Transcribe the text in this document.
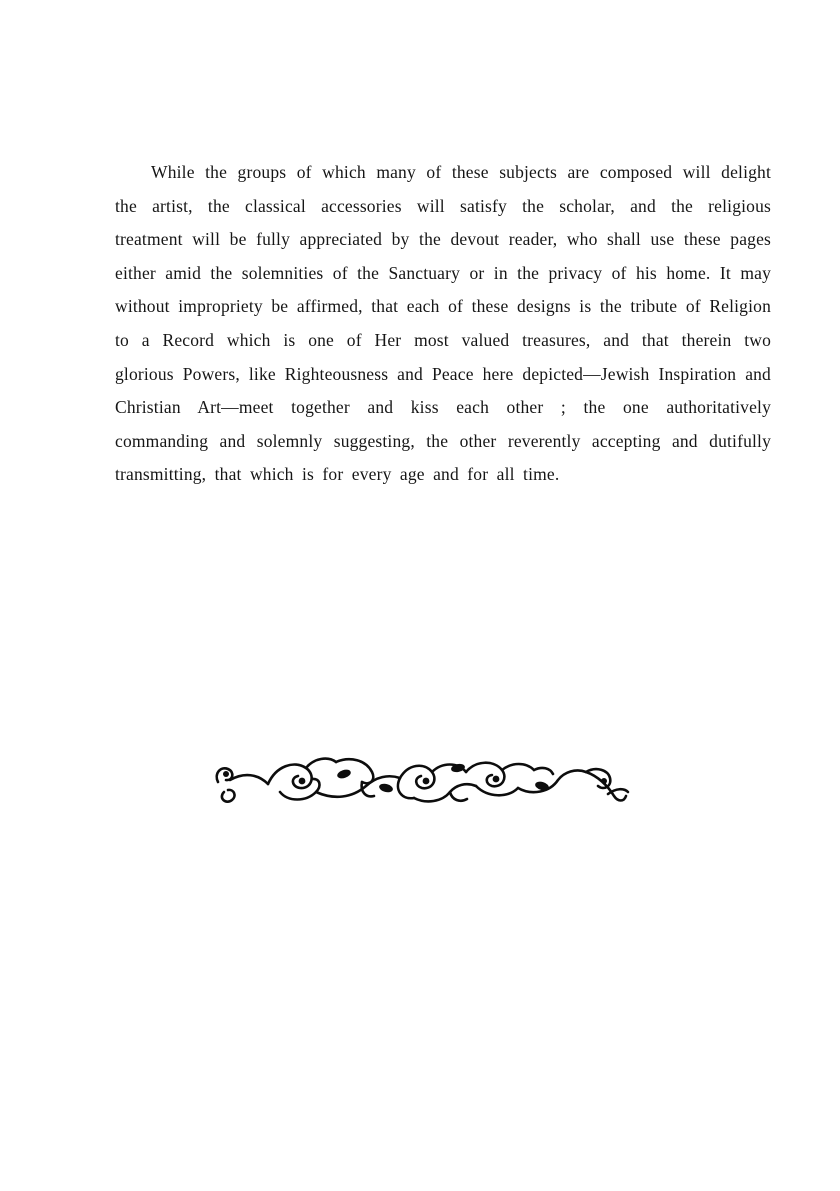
While the groups of which many of these subjects are composed will delight the artist, the classical accessories will satisfy the scholar, and the religious treatment will be fully appreciated by the devout reader, who shall use these pages either amid the solemnities of the Sanctuary or in the privacy of his home. It may without impropriety be affirmed, that each of these designs is the tribute of Religion to a Record which is one of Her most valued treasures, and that therein two glorious Powers, like Righteousness and Peace here depicted—Jewish Inspiration and Christian Art—meet together and kiss each other ; the one authoritatively commanding and solemnly suggesting, the other reverently accepting and dutifully transmitting, that which is for every age and for all time.
